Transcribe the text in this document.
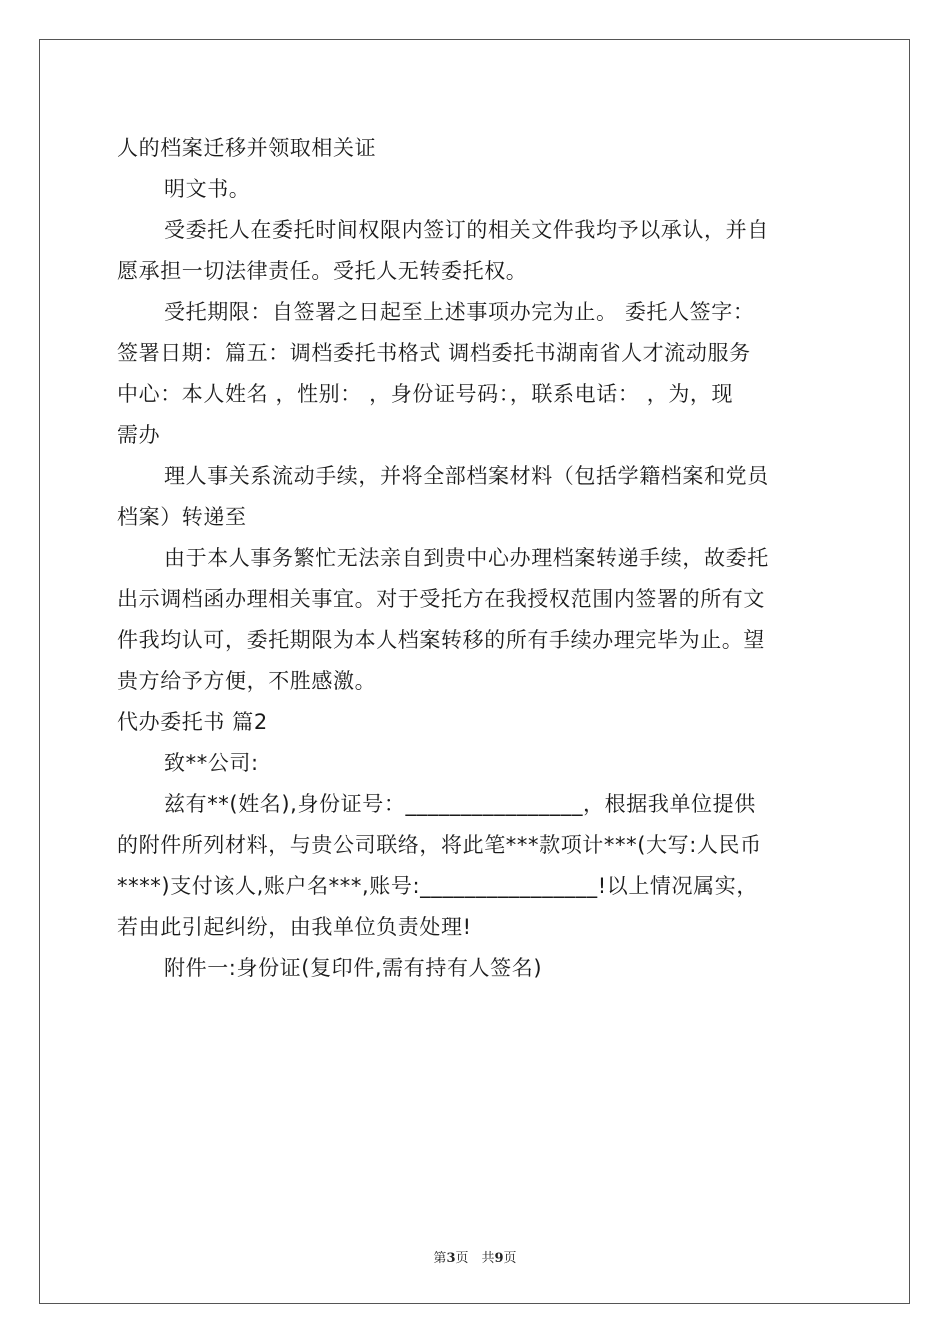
人的档案迁移并领取相关证
明文书。
受委托人在委托时间权限内签订的相关文件我均予以承认，并自
愿承担一切法律责任。受托人无转委托权。
受托期限：自签署之日起至上述事项办完为止。 委托人签字：
签署日期：篇五：调档委托书格式 调档委托书湖南省人才流动服务
中心：本人姓名 ，性别： ，身份证号码：，联系电话： ，为，现
需办
理人事关系流动手续，并将全部档案材料（包括学籍档案和党员
档案）转递至
由于本人事务繁忙无法亲自到贵中心办理档案转递手续，故委托
出示调档函办理相关事宜。对于受托方在我授权范围内签署的所有文
件我均认可，委托期限为本人档案转移的所有手续办理完毕为止。望
贵方给予方便，不胜感激。
代办委托书 篇2
致**公司:
兹有**(姓名),身份证号：________________，根据我单位提供
的附件所列材料，与贵公司联络，将此笔***款项计***(大写:人民币
****)支付该人,账户名***,账号:________________!以上情况属实，
若由此引起纠纷，由我单位负责处理!
附件一:身份证(复印件,需有持有人签名)
第3页　共9页
